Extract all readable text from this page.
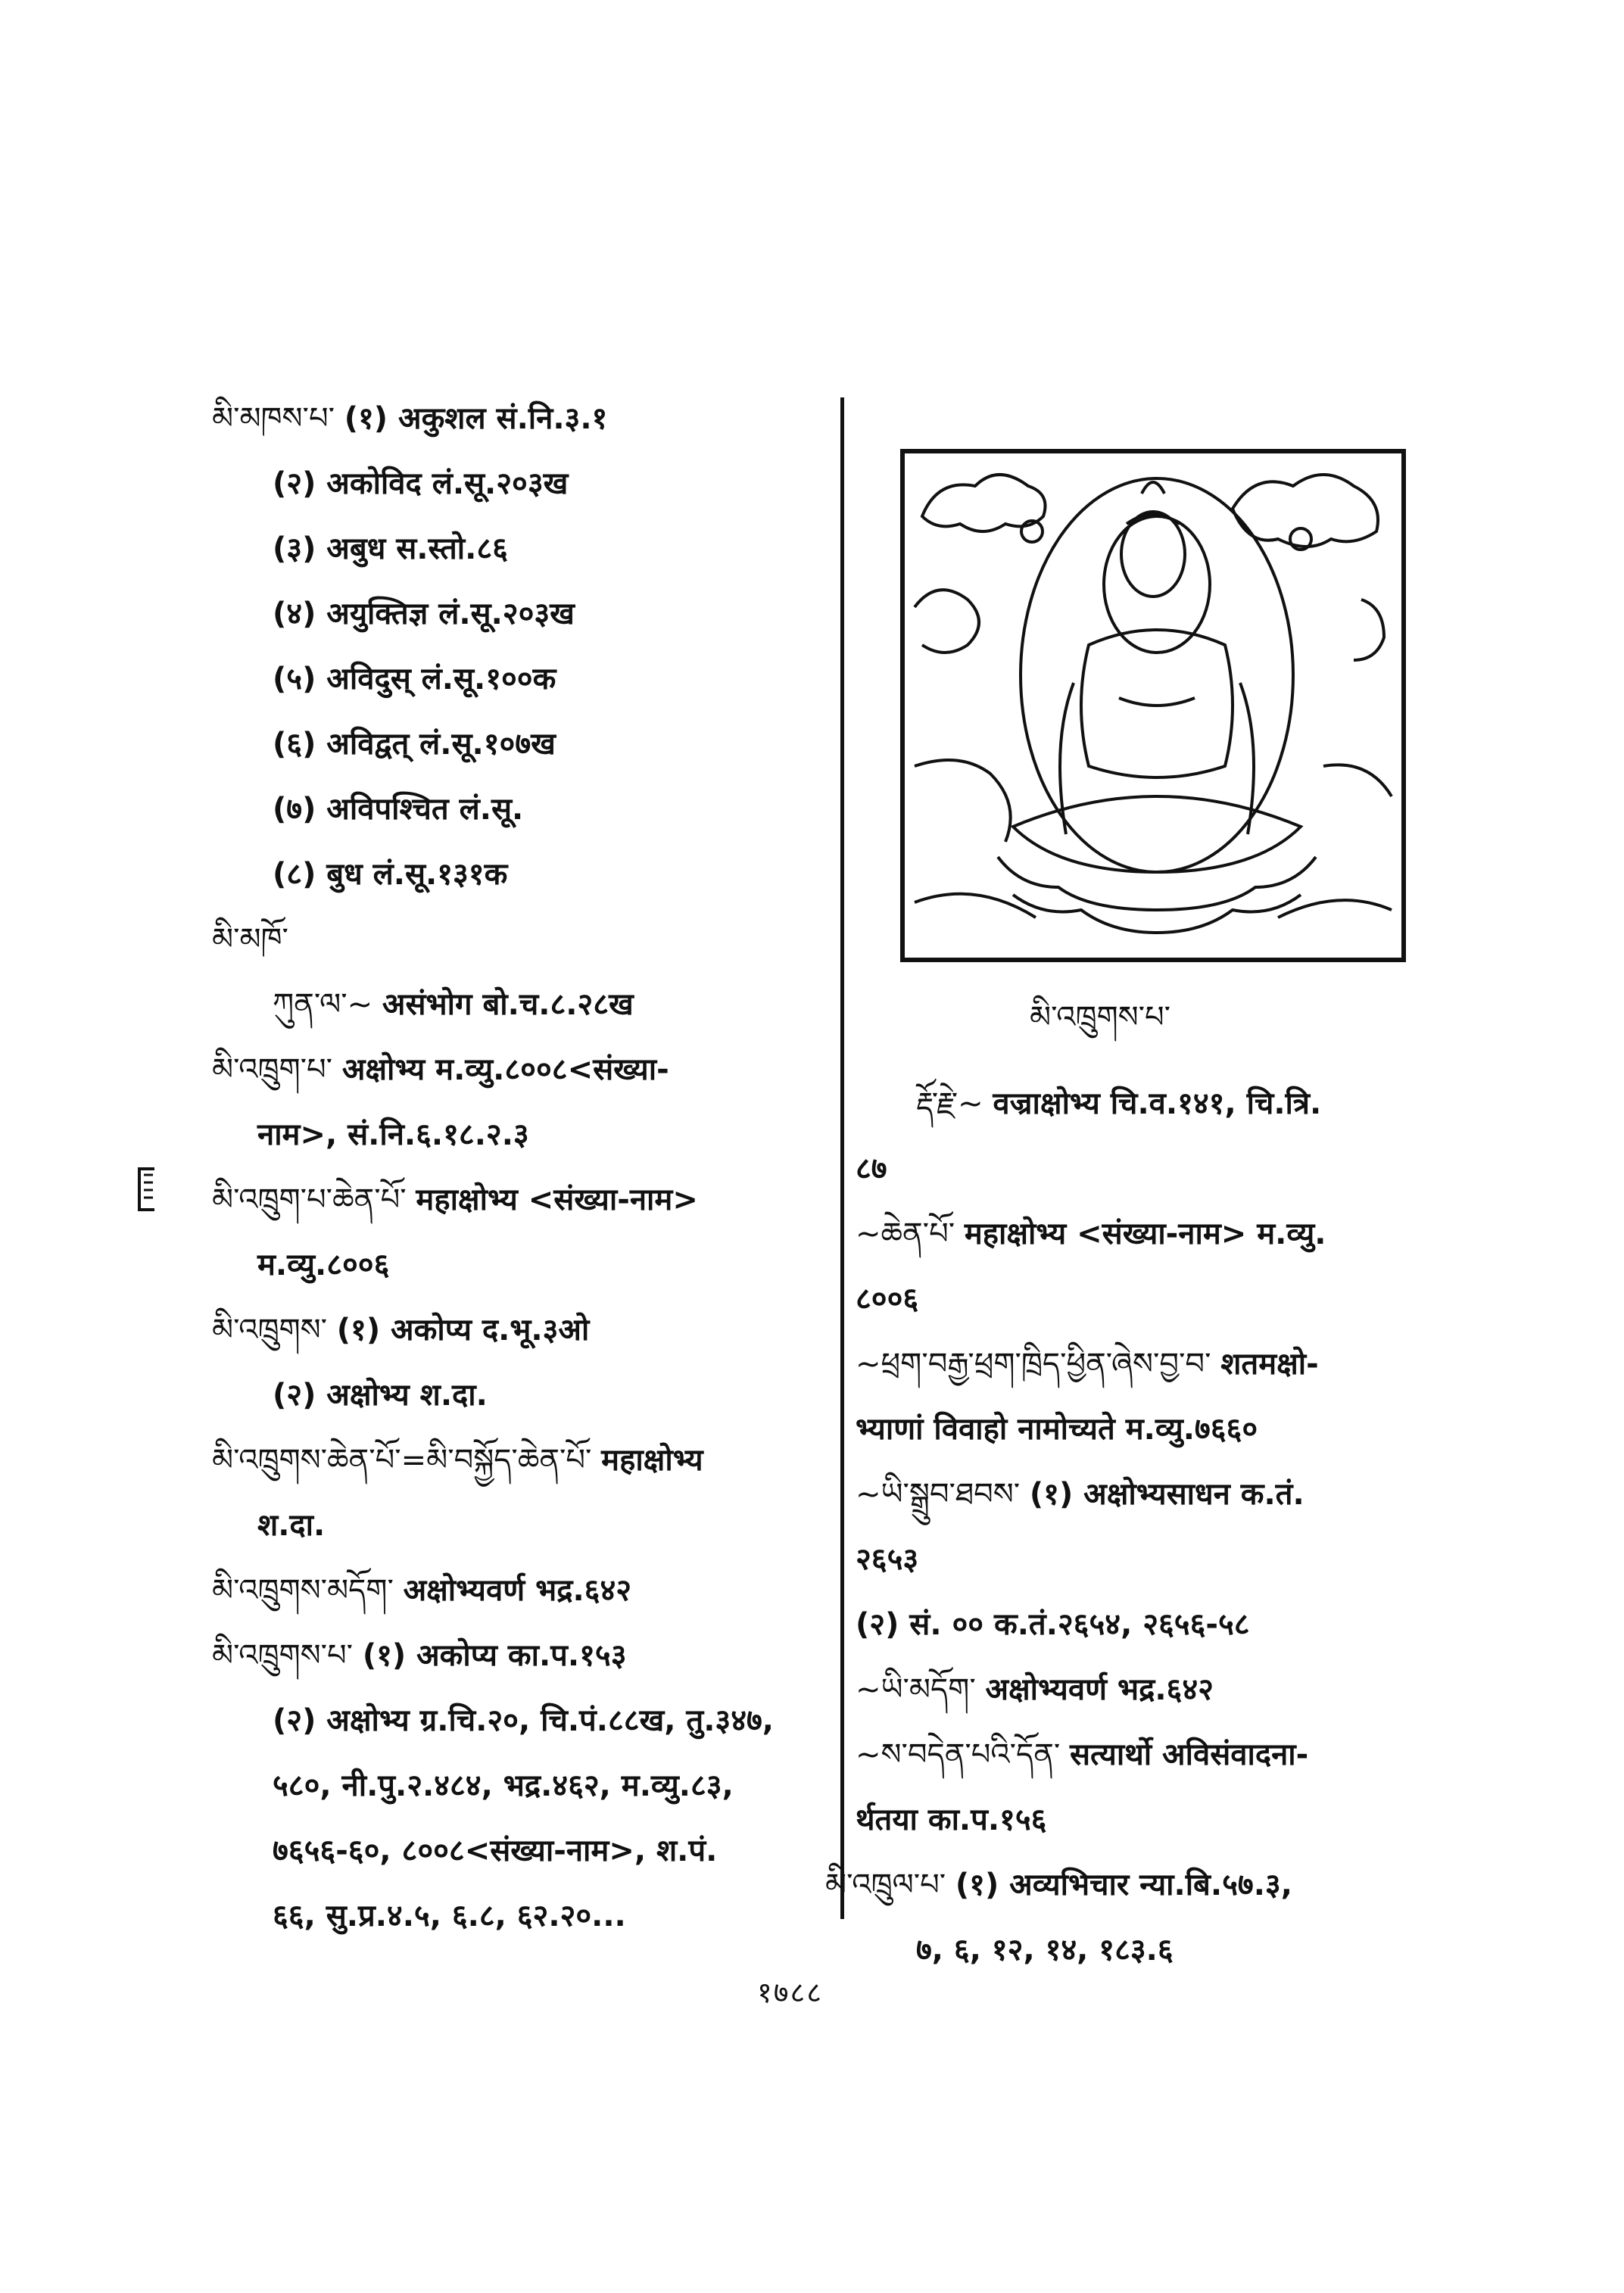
མི་མཁས་པ་ (१) अकुशल सं.नि.३.१
(२) अकोविद लं.सू.२०३ख
(३) अबुध स.स्तो.८६
(४) अयुक्तिज्ञ लं.सू.२०३ख
(५) अविदुस् लं.सू.१००क
(६) अविद्वत् लं.सू.१०७ख
(७) अविपश्चित लं.सू.
(८) बुध लं.सू.१३१क
མི་མཁོ་
ཀུན་ལ་~ असंभोग बो.च.८.२८ख
མི་འཁྲུག་པ་ अक्षोभ्य म.व्यु.८००८<संख्या-
नाम>, सं.नि.६.१८.२.३
མི་འཁྲུག་པ་ཆེན་པོ་ महाक्षोभ्य <संख्या-नाम>
म.व्यु.८००६
མི་འཁྲུགས་ (१) अकोप्य द.भू.३ओ
(२) अक्षोभ्य श.दा.
མི་འཁྲུགས་ཆེན་པོ་=མི་བསྐྱོད་ཆེན་པོ་ महाक्षोभ्य
श.दा.
མི་འཁྲུགས་མདོག་ अक्षोभ्यवर्ण भद्र.६४२
མི་འཁྲུགས་པ་ (१) अकोप्य का.प.१५३
(२) अक्षोभ्य ग्र.चि.२०, चि.पं.८८ख, तु.३४७,
५८०, नी.पु.२.४८४, भद्र.४६२, म.व्यु.८३,
७६५६-६०, ८००८<संख्या-नाम>, श.पं.
६६, सु.प्र.४.५, ६.८, ६२.२०...
མི་འཁྲུགས་པ་
རྡོ་རྗེ་~ वज्राक्षोभ्य चि.व.१४१, चि.त्रि.
८७
~ཆེན་པོ་ महाक्षोभ्य <संख्या-नाम> म.व्यु.
८००६
~ཕྲག་བརྒྱ་ཕྲག་ཁྲིད་ཕྱིན་ཞེས་བྱ་བ་ शतमक्षो-
भ्याणां विवाहो नामोच्यते म.व्यु.७६६०
~ཡི་སྒྲུབ་ཐབས་ (१) अक्षोभ्यसाधन क.तं.
२६५३
(२) सं. ०० क.तं.२६५४, २६५६-५८
~ཡི་མདོག་ अक्षोभ्यवर्ण भद्र.६४२
~ས་བདེན་པའི་དོན་ सत्यार्थो अविसंवादना-
र्थतया का.प.१५६
མི་འཁྲུལ་པ་ (१) अव्यभिचार न्या.बि.५७.३,
७, ६, १२, १४, १८३.६
१७८८
